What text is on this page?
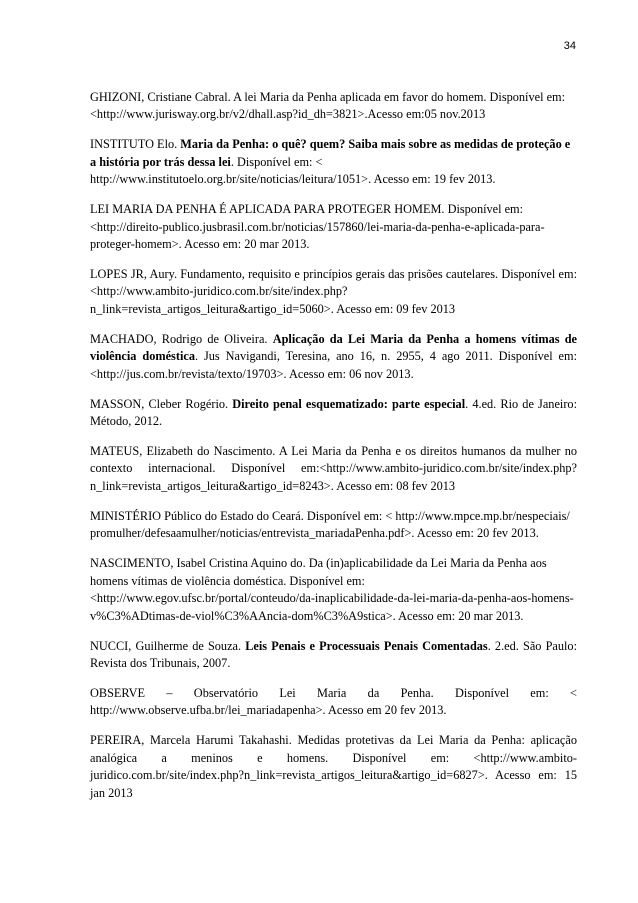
34

GHIZONI, Cristiane Cabral. A lei Maria da Penha aplicada em favor do homem. Disponível em: <http://www.jurisway.org.br/v2/dhall.asp?id_dh=3821>.Acesso em:05 nov.2013

INSTITUTO Elo. Maria da Penha: o quê? quem? Saiba mais sobre as medidas de proteção e a história por trás dessa lei. Disponível em: < http://www.institutoelo.org.br/site/noticias/leitura/1051>. Acesso em: 19 fev 2013.

LEI MARIA DA PENHA É APLICADA PARA PROTEGER HOMEM. Disponível em:<http://direito-publico.jusbrasil.com.br/noticias/157860/lei-maria-da-penha-e-aplicada-para-proteger-homem>. Acesso em: 20 mar 2013.

LOPES JR, Aury. Fundamento, requisito e princípios gerais das prisões cautelares. Disponível em: <http://www.ambito-juridico.com.br/site/index.php?n_link=revista_artigos_leitura&artigo_id=5060>. Acesso em: 09 fev 2013

MACHADO, Rodrigo de Oliveira. Aplicação da Lei Maria da Penha a homens vítimas de violência doméstica. Jus Navigandi, Teresina, ano 16, n. 2955, 4 ago 2011. Disponível em: <http://jus.com.br/revista/texto/19703>. Acesso em: 06 nov 2013.

MASSON, Cleber Rogério. Direito penal esquematizado: parte especial. 4.ed. Rio de Janeiro: Método, 2012.

MATEUS, Elizabeth do Nascimento. A Lei Maria da Penha e os direitos humanos da mulher no contexto internacional. Disponível em:<http://www.ambito-juridico.com.br/site/index.php?n_link=revista_artigos_leitura&artigo_id=8243>. Acesso em: 08 fev 2013

MINISTÉRIO Público do Estado do Ceará. Disponível em: < http://www.mpce.mp.br/nespeciais/ promulher/defesaamulher/noticias/entrevista_mariadaPenha.pdf>. Acesso em: 20 fev 2013.

NASCIMENTO, Isabel Cristina Aquino do. Da (in)aplicabilidade da Lei Maria da Penha aos homens vítimas de violência doméstica. Disponível em:<http://www.egov.ufsc.br/portal/conteudo/da-inaplicabilidade-da-lei-maria-da-penha-aos-homens-v%C3%ADtimas-de-viol%C3%AAncia-dom%C3%A9stica>. Acesso em: 20 mar 2013.

NUCCI, Guilherme de Souza. Leis Penais e Processuais Penais Comentadas. 2.ed. São Paulo: Revista dos Tribunais, 2007.

OBSERVE – Observatório Lei Maria da Penha. Disponível em: < http://www.observe.ufba.br/lei_mariadapenha>. Acesso em 20 fev 2013.

PEREIRA, Marcela Harumi Takahashi. Medidas protetivas da Lei Maria da Penha: aplicação analógica a meninos e homens. Disponível em: <http://www.ambito-juridico.com.br/site/index.php?n_link=revista_artigos_leitura&artigo_id=6827>. Acesso em: 15 jan 2013
